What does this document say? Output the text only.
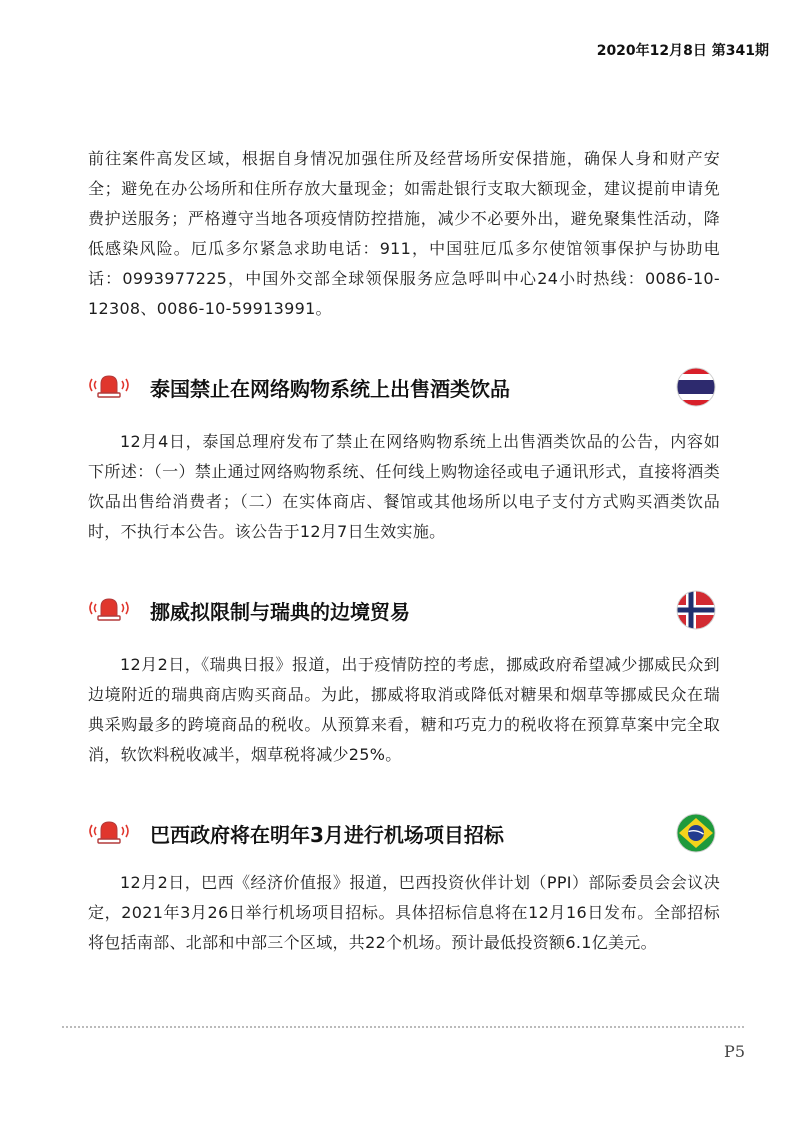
2020年12月8日 第341期

前往案件高发区域，根据自身情况加强住所及经营场所安保措施，确保人身和财产安全；避免在办公场所和住所存放大量现金；如需赴银行支取大额现金，建议提前申请免费护送服务；严格遵守当地各项疫情防控措施，减少不必要外出，避免聚集性活动，降低感染风险。厄瓜多尔紧急求助电话：911，中国驻厄瓜多尔使馆领事保护与协助电话：0993977225，中国外交部全球领保服务应急呼叫中心24小时热线：0086-10-12308、0086-10-59913991。

泰国禁止在网络购物系统上出售酒类饮品

12月4日，泰国总理府发布了禁止在网络购物系统上出售酒类饮品的公告，内容如下所述：（一）禁止通过网络购物系统、任何线上购物途径或电子通讯形式，直接将酒类饮品出售给消费者；（二）在实体商店、餐馆或其他场所以电子支付方式购买酒类饮品时，不执行本公告。该公告于12月7日生效实施。

挪威拟限制与瑞典的边境贸易

12月2日，《瑞典日报》报道，出于疫情防控的考虑，挪威政府希望减少挪威民众到边境附近的瑞典商店购买商品。为此，挪威将取消或降低对糖果和烟草等挪威民众在瑞典采购最多的跨境商品的税收。从预算来看，糖和巧克力的税收将在预算草案中完全取消，软饮料税收减半，烟草税将减少25%。

巴西政府将在明年3月进行机场项目招标

12月2日，巴西《经济价值报》报道，巴西投资伙伴计划（PPI）部际委员会会议决定，2021年3月26日举行机场项目招标。具体招标信息将在12月16日发布。全部招标将包括南部、北部和中部三个区域，共22个机场。预计最低投资额6.1亿美元。

P5
